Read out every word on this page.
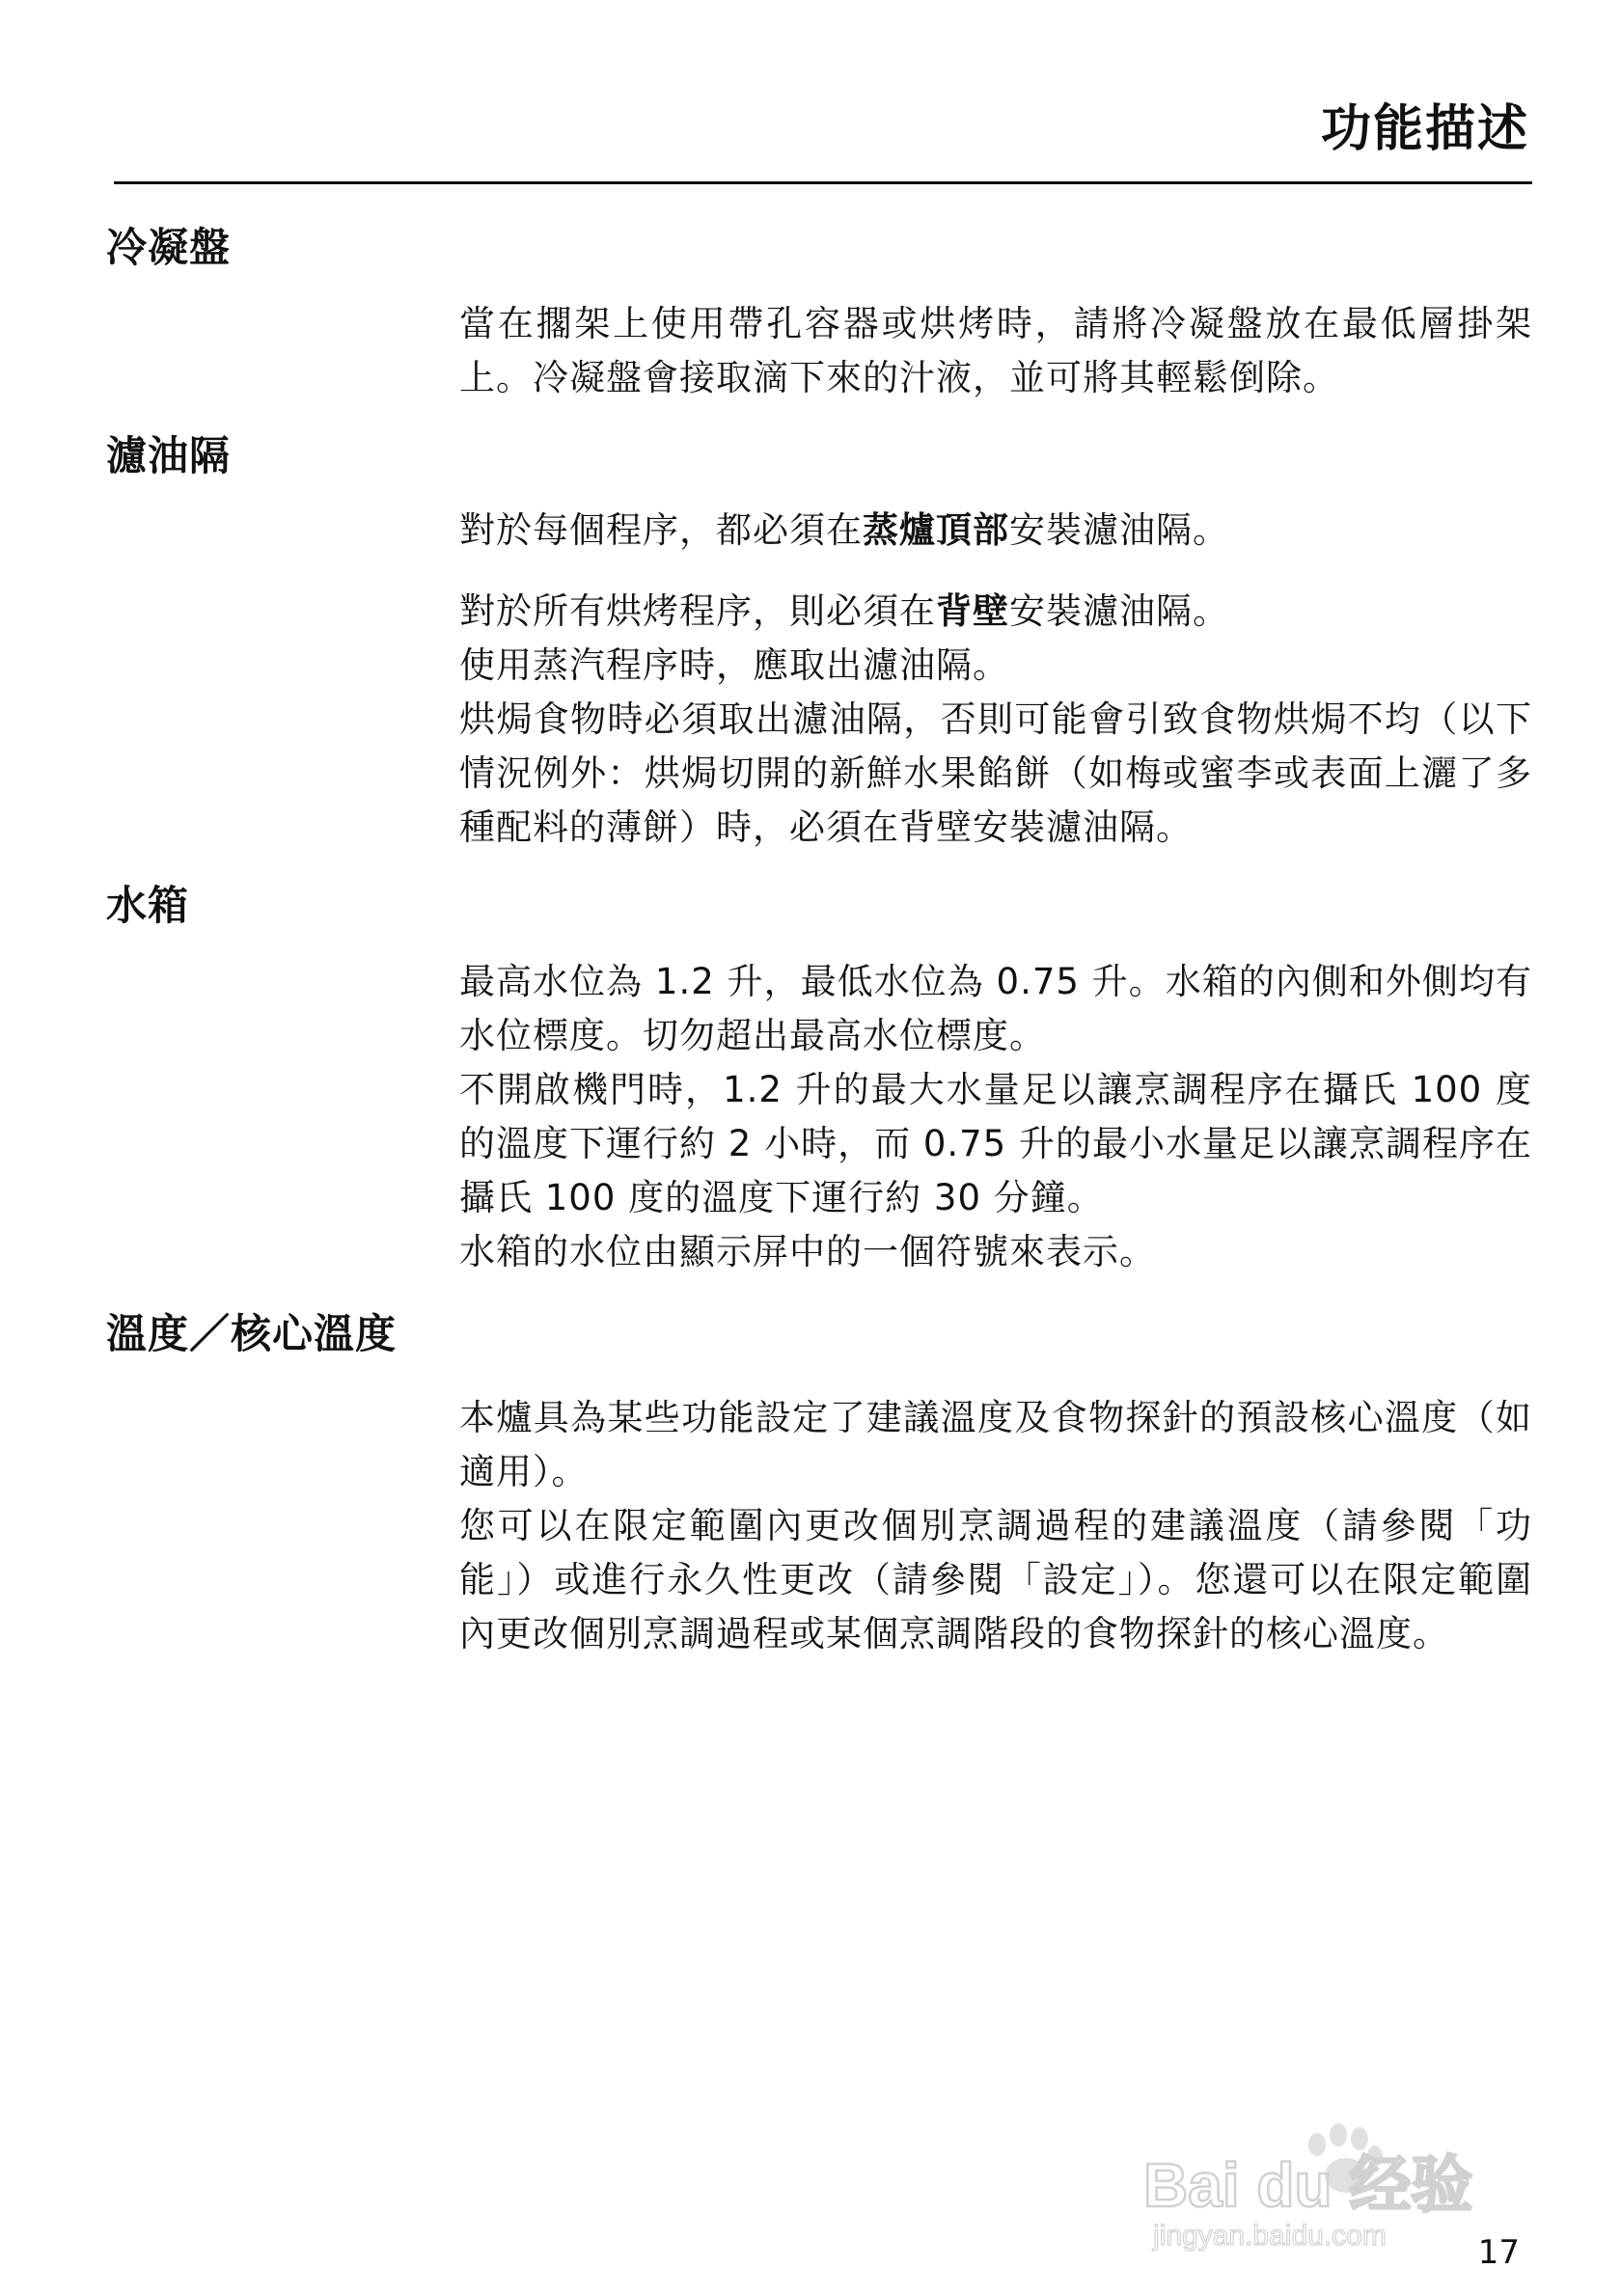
功能描述
冷凝盤

當在擱架上使用帶孔容器或烘烤時，請將冷凝盤放在最低層掛架上。冷凝盤會接取滴下來的汁液，並可將其輕鬆倒除。

濾油隔

對於每個程序，都必須在蒸爐頂部安裝濾油隔。

對於所有烘烤程序，則必須在背壁安裝濾油隔。

使用蒸汽程序時，應取出濾油隔。

烘焗食物時必須取出濾油隔，否則可能會引致食物烘焗不均（以下情況例外：烘焗切開的新鮮水果餡餅（如梅或蜜李或表面上灑了多種配料的薄餅）時，必須在背壁安裝濾油隔。

水箱

最高水位為 1.2 升，最低水位為 0.75 升。水箱的內側和外側均有水位標度。切勿超出最高水位標度。

不開啟機門時，1.2 升的最大水量足以讓烹調程序在攝氏 100 度的溫度下運行約 2 小時，而 0.75 升的最小水量足以讓烹調程序在攝氏 100 度的溫度下運行約 30 分鐘。

水箱的水位由顯示屏中的一個符號來表示。

溫度／核心溫度

本爐具為某些功能設定了建議溫度及食物探針的預設核心溫度（如適用）。

您可以在限定範圍內更改個別烹調過程的建議溫度（請參閱「功能」）或進行永久性更改（請參閱「設定」）。您還可以在限定範圍內更改個別烹調過程或某個烹調階段的食物探針的核心溫度。

Bai du 经验
jingyan.baidu.com	17
